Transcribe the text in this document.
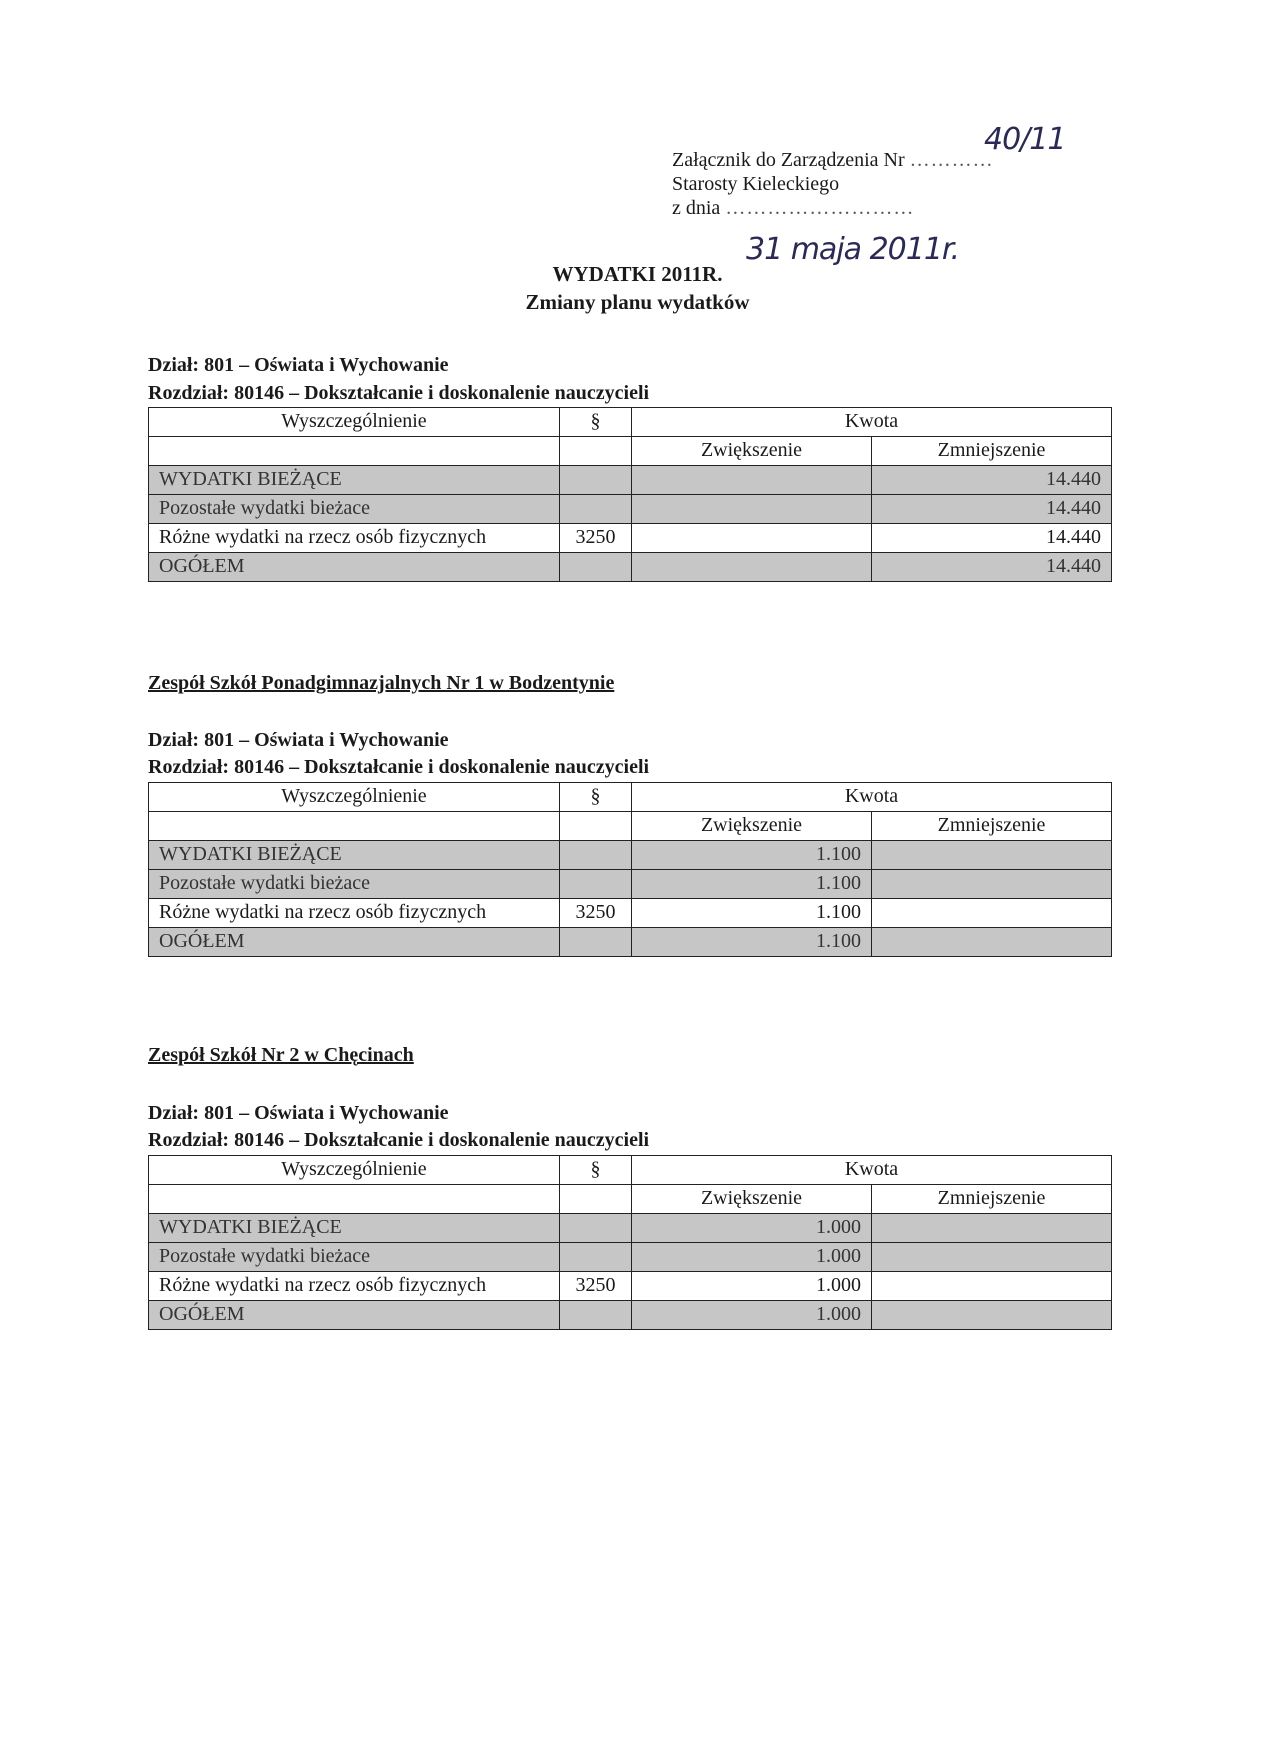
Załącznik do Zarządzenia Nr …………
40/11
Starosty Kieleckiego
z dnia ………………………
31 maja 2011r.
WYDATKI 2011R.
Zmiany planu wydatków
Dział: 801 – Oświata i Wychowanie
Rozdział: 80146 – Dokształcanie i doskonalenie nauczycieli
Wyszczególnienie	§	Kwota	
		Zwiększenie	Zmniejszenie
WYDATKI BIEŻĄCE			14.440
Pozostałe wydatki bieżace			14.440
Różne wydatki na rzecz osób fizycznych	3250		14.440
OGÓŁEM			14.440
Zespół Szkół Ponadgimnazjalnych Nr 1 w Bodzentynie
Dział: 801 – Oświata i Wychowanie
Rozdział: 80146 – Dokształcanie i doskonalenie nauczycieli
Wyszczególnienie	§	Kwota	
		Zwiększenie	Zmniejszenie
WYDATKI BIEŻĄCE		1.100	
Pozostałe wydatki bieżace		1.100	
Różne wydatki na rzecz osób fizycznych	3250	1.100	
OGÓŁEM		1.100	
Zespół Szkół Nr 2 w Chęcinach
Dział: 801 – Oświata i Wychowanie
Rozdział: 80146 – Dokształcanie i doskonalenie nauczycieli
Wyszczególnienie	§	Kwota	
		Zwiększenie	Zmniejszenie
WYDATKI BIEŻĄCE		1.000	
Pozostałe wydatki bieżace		1.000	
Różne wydatki na rzecz osób fizycznych	3250	1.000	
OGÓŁEM		1.000	
